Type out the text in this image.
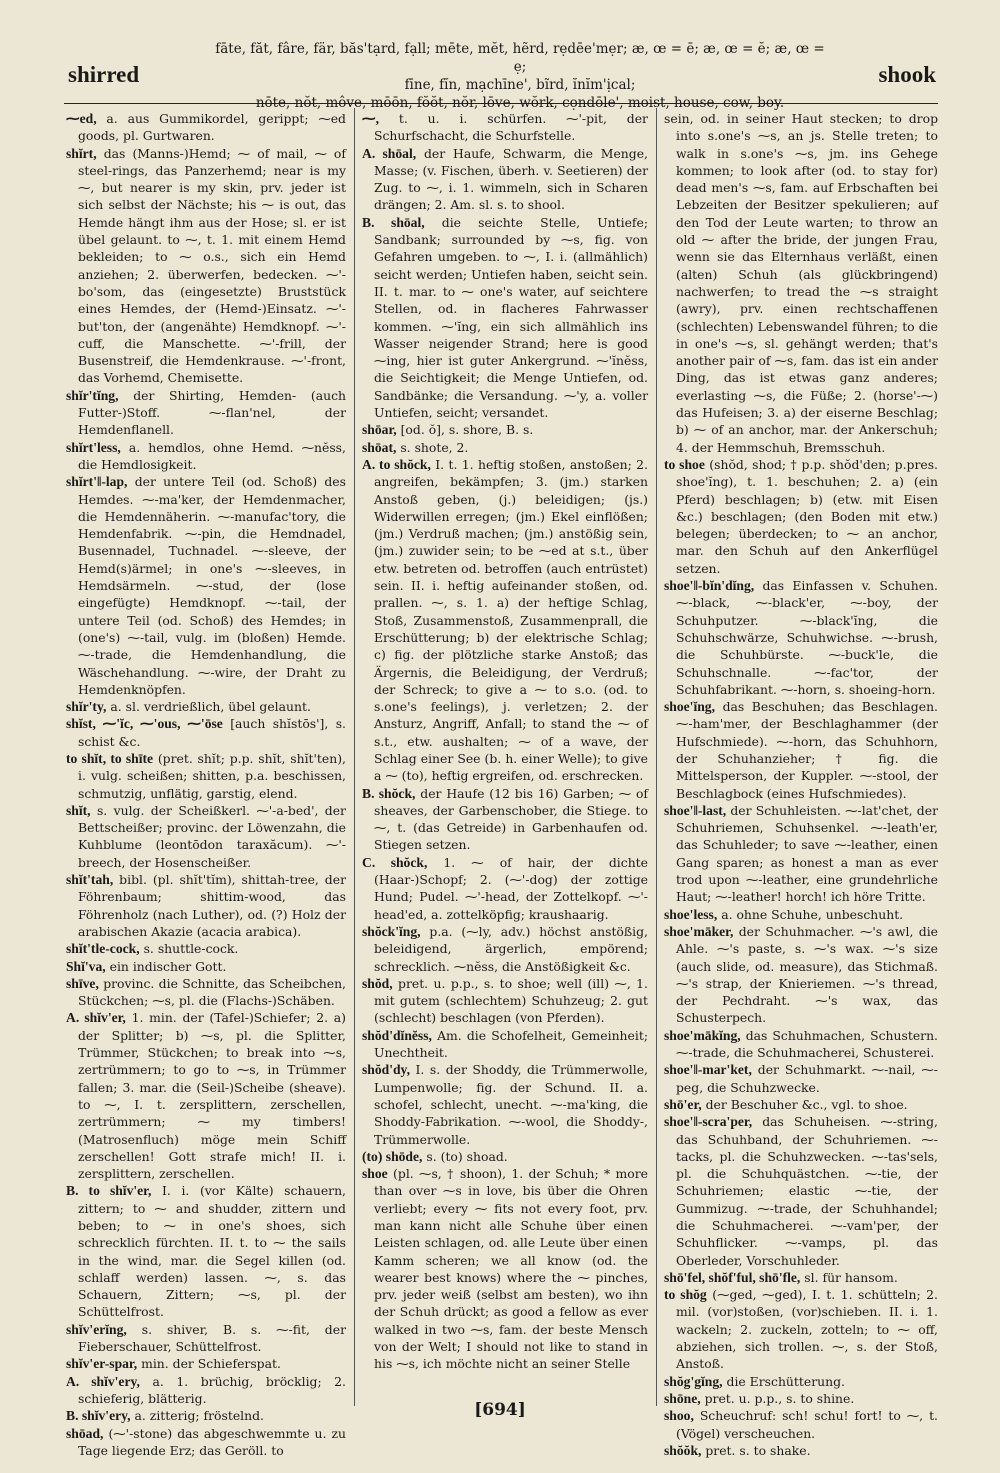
shirred
fāte, făt, fâre, fär, băs'tạrd, fạll; mēte, mĕt, hẽrd, rẹdēe'mẹr; æ, œ = ē; æ, œ = ĕ; æ, œ = ẹ;
fīne, fĭn, mạchīne', bĩrd, ĭnĭm'ịcal;
nōte, nŏt, môve, mōōn, fŏŏt, nŏr, lōve, wŏrk, cọndōle', moist, house, cow, boy.
shook

⁓ed, a. aus Gummikordel, gerippt; ⁓ed goods, pl. Gurtwaren.

shĭrt, das (Manns-)Hemd; ⁓ of mail, ⁓ of steel-rings, das Panzerhemd; near is my ⁓, but nearer is my skin, prv. jeder ist sich selbst der Nächste; his ⁓ is out, das Hemde hängt ihm aus der Hose; sl. er ist übel gelaunt. to ⁓, t. 1. mit einem Hemd bekleiden; to ⁓ o.s., sich ein Hemd anziehen; 2. überwerfen, bedecken. ⁓'-bo'som, das (eingesetzte) Bruststück eines Hemdes, der (Hemd-)Einsatz. ⁓'-but'ton, der (angenähte) Hemdknopf. ⁓'-cuff, die Manschette. ⁓'-frill, der Busenstreif, die Hemdenkrause. ⁓'-front, das Vorhemd, Chemisette.

shĭr'tĭng, der Shirting, Hemden- (auch Futter-)Stoff. ⁓-flan'nel, der Hemdenflanell.

shĭrt'less, a. hemdlos, ohne Hemd. ⁓nĕss, die Hemdlosigkeit.

shĭrt'‖-lap, der untere Teil (od. Schoß) des Hemdes. ⁓-ma'ker, der Hemdenmacher, die Hemdennäherin. ⁓-manufac'tory, die Hemdenfabrik. ⁓-pin, die Hemdnadel, Busennadel, Tuchnadel. ⁓-sleeve, der Hemd(s)ärmel; in one's ⁓-sleeves, in Hemdsärmeln. ⁓-stud, der (lose eingefügte) Hemdknopf. ⁓-tail, der untere Teil (od. Schoß) des Hemdes; in (one's) ⁓-tail, vulg. im (bloßen) Hemde. ⁓-trade, die Hemdenhandlung, die Wäschehandlung. ⁓-wire, der Draht zu Hemdenknöpfen.

shĭr'ty, a. sl. verdrießlich, übel gelaunt.

shĭst, ⁓'ĭc, ⁓'ous, ⁓'ōse [auch shĭstōs'], s. schist &c.

to shĭt, to shīte (pret. shĭt; p.p. shĭt, shĭt'ten), i. vulg. scheißen; shitten, p.a. beschissen, schmutzig, unflätig, garstig, elend.

shĭt, s. vulg. der Scheißkerl. ⁓'-a-bed', der Bettscheißer; provinc. der Löwenzahn, die Kuhblume (leontōdon taraxăcum). ⁓'-breech, der Hosenscheißer.

shĭt'tah, bibl. (pl. shĭt'tĭm), shittah-tree, der Föhrenbaum; shittim-wood, das Föhrenholz (nach Luther), od. (?) Holz der arabischen Akazie (acacia arabica).

shĭt'tle-cock, s. shuttle-cock.

Shĭ'va, ein indischer Gott.

shīve, provinc. die Schnitte, das Scheibchen, Stückchen; ⁓s, pl. die (Flachs-)Schäben.

A. shĭv'er, 1. min. der (Tafel-)Schiefer; 2. a) der Splitter; b) ⁓s, pl. die Splitter, Trümmer, Stückchen; to break into ⁓s, zertrümmern; to go to ⁓s, in Trümmer fallen; 3. mar. die (Seil-)Scheibe (sheave). to ⁓, I. t. zersplittern, zerschellen, zertrümmern; ⁓ my timbers! (Matrosenfluch) möge mein Schiff zerschellen! Gott strafe mich! II. i. zersplittern, zerschellen.

B. to shĭv'er, I. i. (vor Kälte) schauern, zittern; to ⁓ and shudder, zittern und beben; to ⁓ in one's shoes, sich schrecklich fürchten. II. t. to ⁓ the sails in the wind, mar. die Segel killen (od. schlaff werden) lassen. ⁓, s. das Schauern, Zittern; ⁓s, pl. der Schüttelfrost.

shĭv'erĭng, s. shiver, B. s. ⁓-fit, der Fieberschauer, Schüttelfrost.

shĭv'er-spar, min. der Schieferspat.

A. shĭv'ery, a. 1. brüchig, bröcklig; 2. schieferig, blätterig.

B. shĭv'ery, a. zitterig; fröstelnd.

shōad, (⁓'-stone) das abgeschwemmte u. zu Tage liegende Erz; das Geröll. to

⁓, t. u. i. schürfen. ⁓'-pit, der Schurfschacht, die Schurfstelle.

A. shōal, der Haufe, Schwarm, die Menge, Masse; (v. Fischen, überh. v. Seetieren) der Zug. to ⁓, i. 1. wimmeln, sich in Scharen drängen; 2. Am. sl. s. to shool.

B. shōal, die seichte Stelle, Untiefe; Sandbank; surrounded by ⁓s, fig. von Gefahren umgeben. to ⁓, I. i. (allmählich) seicht werden; Untiefen haben, seicht sein. II. t. mar. to ⁓ one's water, auf seichtere Stellen, od. in flacheres Fahrwasser kommen. ⁓'ĭng, ein sich allmählich ins Wasser neigender Strand; here is good ⁓ing, hier ist guter Ankergrund. ⁓'ĭnĕss, die Seichtigkeit; die Menge Untiefen, od. Sandbänke; die Versandung. ⁓'y, a. voller Untiefen, seicht; versandet.

shōar, [od. ŏ], s. shore, B. s.

shōat, s. shote, 2.

A. to shŏck, I. t. 1. heftig stoßen, anstoßen; 2. angreifen, bekämpfen; 3. (jm.) starken Anstoß geben, (j.) beleidigen; (js.) Widerwillen erregen; (jm.) Ekel einflößen; (jm.) Verdruß machen; (jm.) anstößig sein, (jm.) zuwider sein; to be ⁓ed at s.t., über etw. betreten od. betroffen (auch entrüstet) sein. II. i. heftig aufeinander stoßen, od. prallen. ⁓, s. 1. a) der heftige Schlag, Stoß, Zusammenstoß, Zusammenprall, die Erschütterung; b) der elektrische Schlag; c) fig. der plötzliche starke Anstoß; das Ärgernis, die Beleidigung, der Verdruß; der Schreck; to give a ⁓ to s.o. (od. to s.one's feelings), j. verletzen; 2. der Ansturz, Angriff, Anfall; to stand the ⁓ of s.t., etw. aushalten; ⁓ of a wave, der Schlag einer See (b. h. einer Welle); to give a ⁓ (to), heftig ergreifen, od. erschrecken.

B. shŏck, der Haufe (12 bis 16) Garben; ⁓ of sheaves, der Garbenschober, die Stiege. to ⁓, t. (das Getreide) in Garbenhaufen od. Stiegen setzen.

C. shŏck, 1. ⁓ of hair, der dichte (Haar-)Schopf; 2. (⁓'-dog) der zottige Hund; Pudel. ⁓'-head, der Zottelkopf. ⁓'-head'ed, a. zottelköpfig; kraushaarig.

shŏck'ĭng, p.a. (⁓ly, adv.) höchst anstößig, beleidigend, ärgerlich, empörend; schrecklich. ⁓nĕss, die Anstößigkeit &c.

shŏd, pret. u. p.p., s. to shoe; well (ill) ⁓, 1. mit gutem (schlechtem) Schuhzeug; 2. gut (schlecht) beschlagen (von Pferden).

shŏd'dĭnĕss, Am. die Schofelheit, Gemeinheit; Unechtheit.

shŏd'dy, I. s. der Shoddy, die Trümmerwolle, Lumpenwolle; fig. der Schund. II. a. schofel, schlecht, unecht. ⁓-ma'king, die Shoddy-Fabrikation. ⁓-wool, die Shoddy-, Trümmerwolle.

(to) shōde, s. (to) shoad.

shoe (pl. ⁓s, † shoon), 1. der Schuh; * more than over ⁓s in love, bis über die Ohren verliebt; every ⁓ fits not every foot, prv. man kann nicht alle Schuhe über einen Leisten schlagen, od. alle Leute über einen Kamm scheren; we all know (od. the wearer best knows) where the ⁓ pinches, prv. jeder weiß (selbst am besten), wo ihn der Schuh drückt; as good a fellow as ever walked in two ⁓s, fam. der beste Mensch von der Welt; I should not like to stand in his ⁓s, ich möchte nicht an seiner Stelle

sein, od. in seiner Haut stecken; to drop into s.one's ⁓s, an js. Stelle treten; to walk in s.one's ⁓s, jm. ins Gehege kommen; to look after (od. to stay for) dead men's ⁓s, fam. auf Erbschaften bei Lebzeiten der Besitzer spekulieren; auf den Tod der Leute warten; to throw an old ⁓ after the bride, der jungen Frau, wenn sie das Elternhaus verläßt, einen (alten) Schuh (als glückbringend) nachwerfen; to tread the ⁓s straight (awry), prv. einen rechtschaffenen (schlechten) Lebenswandel führen; to die in one's ⁓s, sl. gehängt werden; that's another pair of ⁓s, fam. das ist ein ander Ding, das ist etwas ganz anderes; everlasting ⁓s, die Füße; 2. (horse'-⁓) das Hufeisen; 3. a) der eiserne Beschlag; b) ⁓ of an anchor, mar. der Ankerschuh; 4. der Hemmschuh, Bremsschuh.

to shoe (shŏd, shod; † p.p. shŏd'den; p.pres. shoe'ĭng), t. 1. beschuhen; 2. a) (ein Pferd) beschlagen; b) (etw. mit Eisen &c.) beschlagen; (den Boden mit etw.) belegen; überdecken; to ⁓ an anchor, mar. den Schuh auf den Ankerflügel setzen.

shoe'‖-bĭn'dĭng, das Einfassen v. Schuhen. ⁓-black, ⁓-black'er, ⁓-boy, der Schuhputzer. ⁓-black'ĭng, die Schuhschwärze, Schuhwichse. ⁓-brush, die Schuhbürste. ⁓-buck'le, die Schuhschnalle. ⁓-fac'tor, der Schuhfabrikant. ⁓-horn, s. shoeing-horn.

shoe'ĭng, das Beschuhen; das Beschlagen. ⁓-ham'mer, der Beschlaghammer (der Hufschmiede). ⁓-horn, das Schuhhorn, der Schuhanzieher; † fig. die Mittelsperson, der Kuppler. ⁓-stool, der Beschlagbock (eines Hufschmiedes).

shoe'‖-last, der Schuhleisten. ⁓-lat'chet, der Schuhriemen, Schuhsenkel. ⁓-leath'er, das Schuhleder; to save ⁓-leather, einen Gang sparen; as honest a man as ever trod upon ⁓-leather, eine grundehrliche Haut; ⁓-leather! horch! ich höre Tritte.

shoe'less, a. ohne Schuhe, unbeschuht.

shoe'māker, der Schuhmacher. ⁓'s awl, die Ahle. ⁓'s paste, s. ⁓'s wax. ⁓'s size (auch slide, od. measure), das Stichmaß. ⁓'s strap, der Knieriemen. ⁓'s thread, der Pechdraht. ⁓'s wax, das Schusterpech.

shoe'mākĭng, das Schuhmachen, Schustern. ⁓-trade, die Schuhmacherei, Schusterei.

shoe'‖-mar'ket, der Schuhmarkt. ⁓-nail, ⁓-peg, die Schuhzwecke.

shō'er, der Beschuher &c., vgl. to shoe.

shoe'‖-scra'per, das Schuheisen. ⁓-string, das Schuhband, der Schuhriemen. ⁓-tacks, pl. die Schuhzwecken. ⁓-tas'sels, pl. die Schuhquästchen. ⁓-tie, der Schuhriemen; elastic ⁓-tie, der Gummizug. ⁓-trade, der Schuhhandel; die Schuhmacherei. ⁓-vam'per, der Schuhflicker. ⁓-vamps, pl. das Oberleder, Vorschuhleder.

shō'fel, shŏf'ful, shō'fle, sl. für hansom.

to shŏg (⁓ged, ⁓ged), I. t. 1. schütteln; 2. mil. (vor)stoßen, (vor)schieben. II. i. 1. wackeln; 2. zuckeln, zotteln; to ⁓ off, abziehen, sich trollen. ⁓, s. der Stoß, Anstoß.

shŏg'gĭng, die Erschütterung.

shōne, pret. u. p.p., s. to shine.

shoo, Scheuchruf: sch! schu! fort! to ⁓, t. (Vögel) verscheuchen.

shŏŏk, pret. s. to shake.

[694]
